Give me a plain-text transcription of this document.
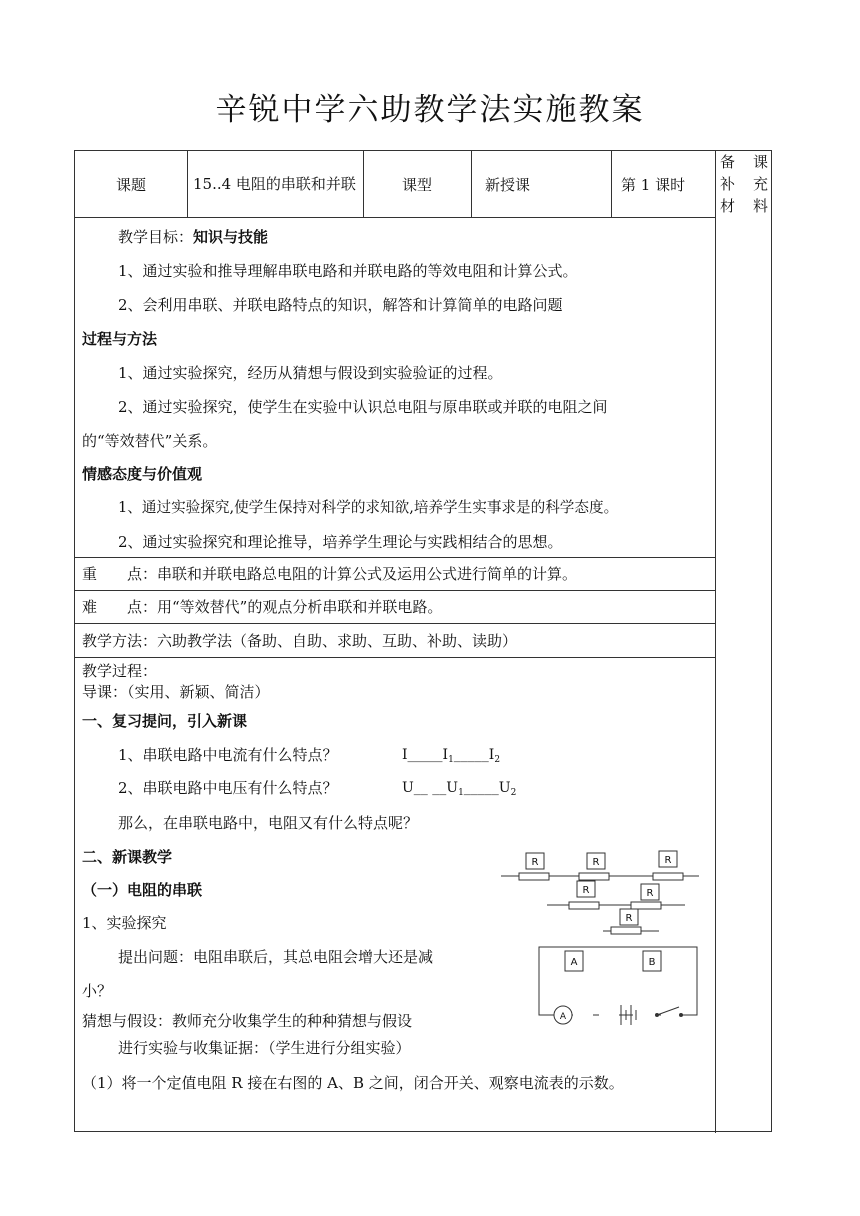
辛锐中学六助教学法实施教案
课题	15..4 电阻的串联和并联	课型	新授课	第 1 课时
备 课 补 充 材料
教学目标：知识与技能
1、通过实验和推导理解串联电路和并联电路的等效电阻和计算公式。
2、会利用串联、并联电路特点的知识，解答和计算简单的电路问题
过程与方法
1、通过实验探究，经历从猜想与假设到实验验证的过程。
2、通过实验探究，使学生在实验中认识总电阻与原串联或并联的电阻之间
的“等效替代”关系。
情感态度与价值观
1、通过实验探究,使学生保持对科学的求知欲,培养学生实事求是的科学态度。
2、通过实验探究和理论推导，培养学生理论与实践相结合的思想。
重　　点：串联和并联电路总电阻的计算公式及运用公式进行简单的计算。
难　　点：用“等效替代”的观点分析串联和并联电路。
教学方法：六助教学法（备助、自助、求助、互助、补助、读助）
教学过程：
导课：（实用、新颖、简洁）
一、复习提问，引入新课
1、串联电路中电流有什么特点？	$I\_\_\_\_\_I_1\_\_\_\_\_I_2$
2、串联电路中电压有什么特点？	U__ $\_\_U_1\_\_\_\_\_U_2$
那么，在串联电路中，电阻又有什么特点呢？
二、新课教学
（一）电阻的串联
1、实验探究
提出问题：电阻串联后，其总电阻会增大还是减
小？
猜想与假设：教师充分收集学生的种种猜想与假设
进行实验与收集证据：（学生进行分组实验）
（1）将一个定值电阻 R 接在右图的 A、B 之间，闭合开关、观察电流表的示数。
R	R	R
R	R
R
A	B
A
